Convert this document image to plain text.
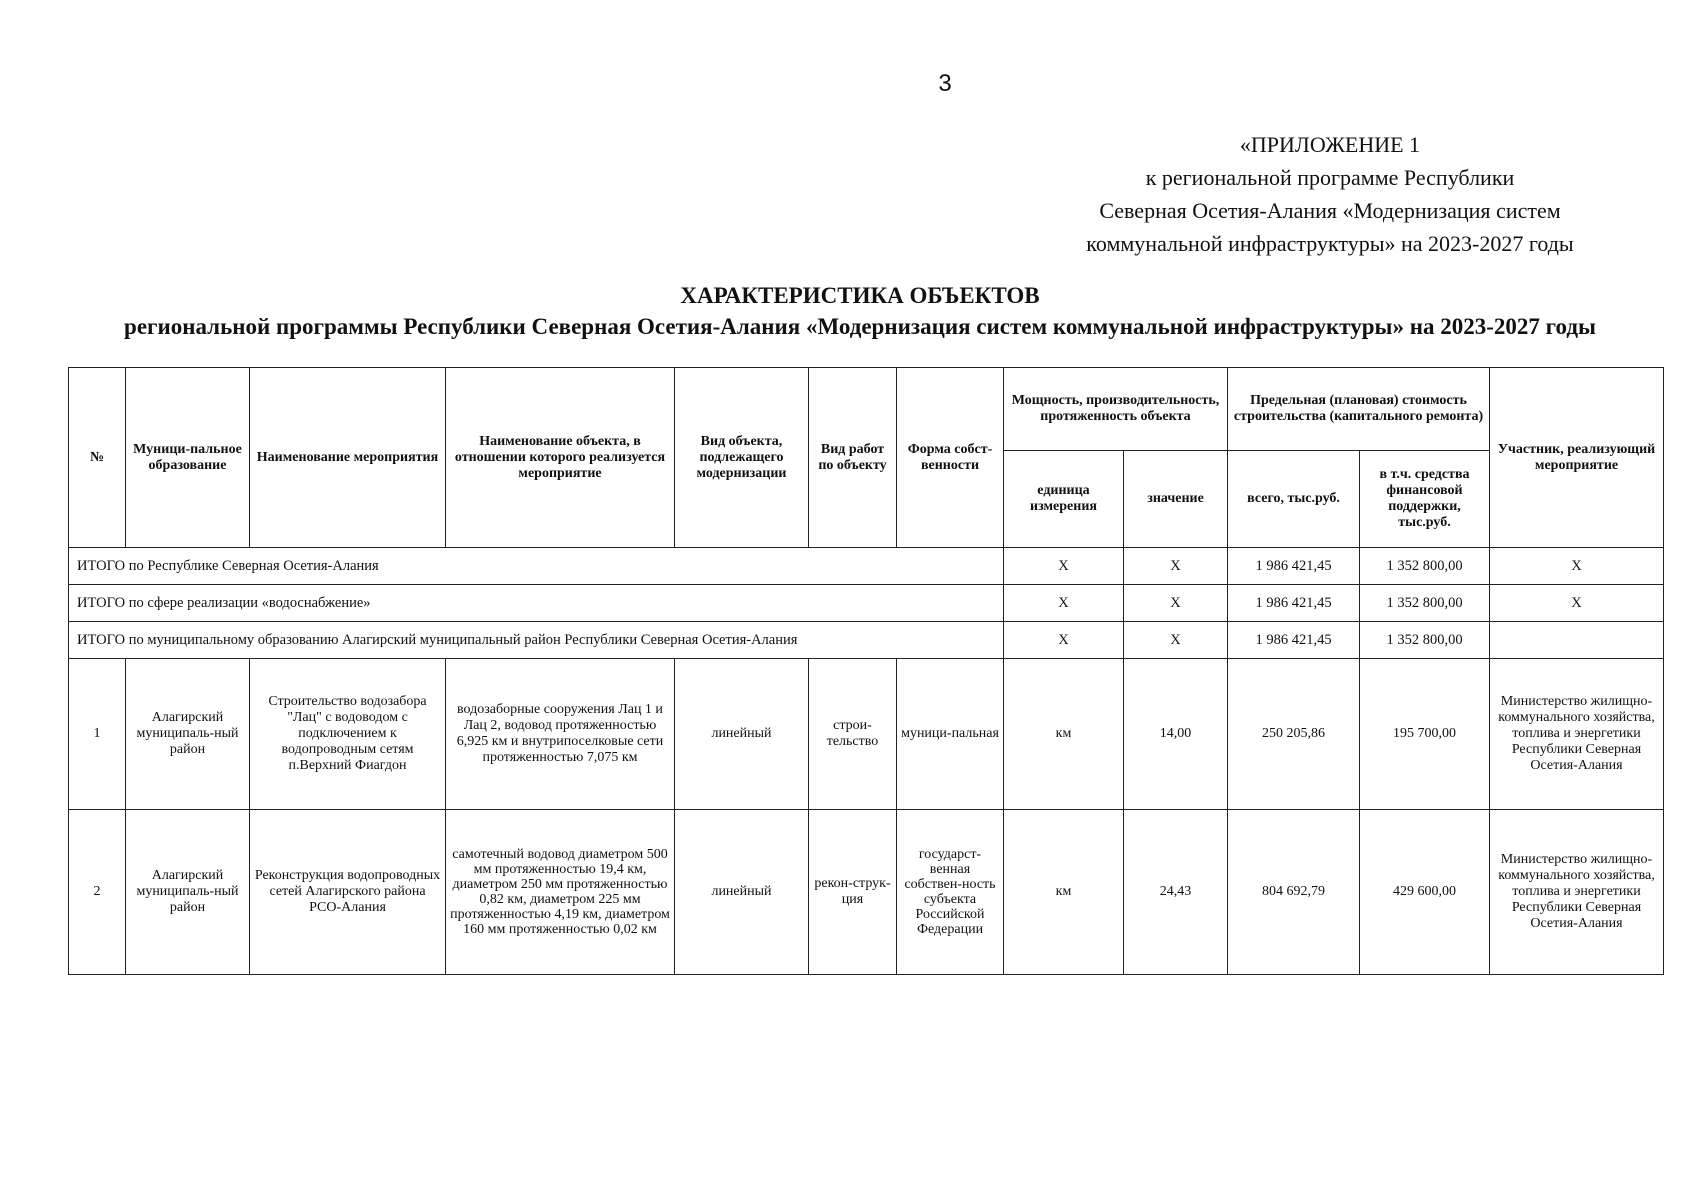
3
«ПРИЛОЖЕНИЕ 1
к региональной программе Республики
Северная Осетия-Алания «Модернизация систем
коммунальной инфраструктуры» на 2023-2027 годы
ХАРАКТЕРИСТИКА ОБЪЕКТОВ
региональной программы Республики Северная Осетия-Алания «Модернизация систем коммунальной инфраструктуры» на 2023-2027 годы
№	Муници-пальное образование	Наименование мероприятия	Наименование объекта, в отношении которого реализуется мероприятие	Вид объекта, подлежащего модернизации	Вид работ по объекту	Форма собст-венности	Мощность, производительность, протяженность объекта		Предельная (плановая) стоимость строительства (капитального ремонта)		Участник, реализующий мероприятие
							единица измерения	значение	всего, тыс.руб.	в т.ч. средства финансовой поддержки, тыс.руб.	
ИТОГО по Республике Северная Осетия-Алания							X	X	1 986 421,45	1 352 800,00	X
ИТОГО по сфере реализации «водоснабжение»							X	X	1 986 421,45	1 352 800,00	X
ИТОГО по муниципальному образованию Алагирский муниципальный район Республики Северная Осетия-Алания							X	X	1 986 421,45	1 352 800,00	
1	Алагирский муниципаль-ный район	Строительство водозабора "Лац" с водоводом с подключением к водопроводным сетям п.Верхний Фиагдон	водозаборные сооружения Лац 1 и Лац 2, водовод протяженностью 6,925 км и внутрипоселковые сети протяженностью 7,075 км	линейный	строи-тельство	муници-пальная	км	14,00	250 205,86	195 700,00	Министерство жилищно-коммунального хозяйства, топлива и энергетики Республики Северная Осетия-Алания
2	Алагирский муниципаль-ный район	Реконструкция водопроводных сетей Алагирского района РСО-Алания	самотечный водовод диаметром 500 мм протяженностью 19,4 км, диаметром 250 мм протяженностью 0,82 км, диаметром 225 мм протяженностью 4,19 км, диаметром 160 мм протяженностью 0,02 км	линейный	рекон-струк-ция	государст-венная собствен-ность субъекта Российской Федерации	км	24,43	804 692,79	429 600,00	Министерство жилищно-коммунального хозяйства, топлива и энергетики Республики Северная Осетия-Алания
